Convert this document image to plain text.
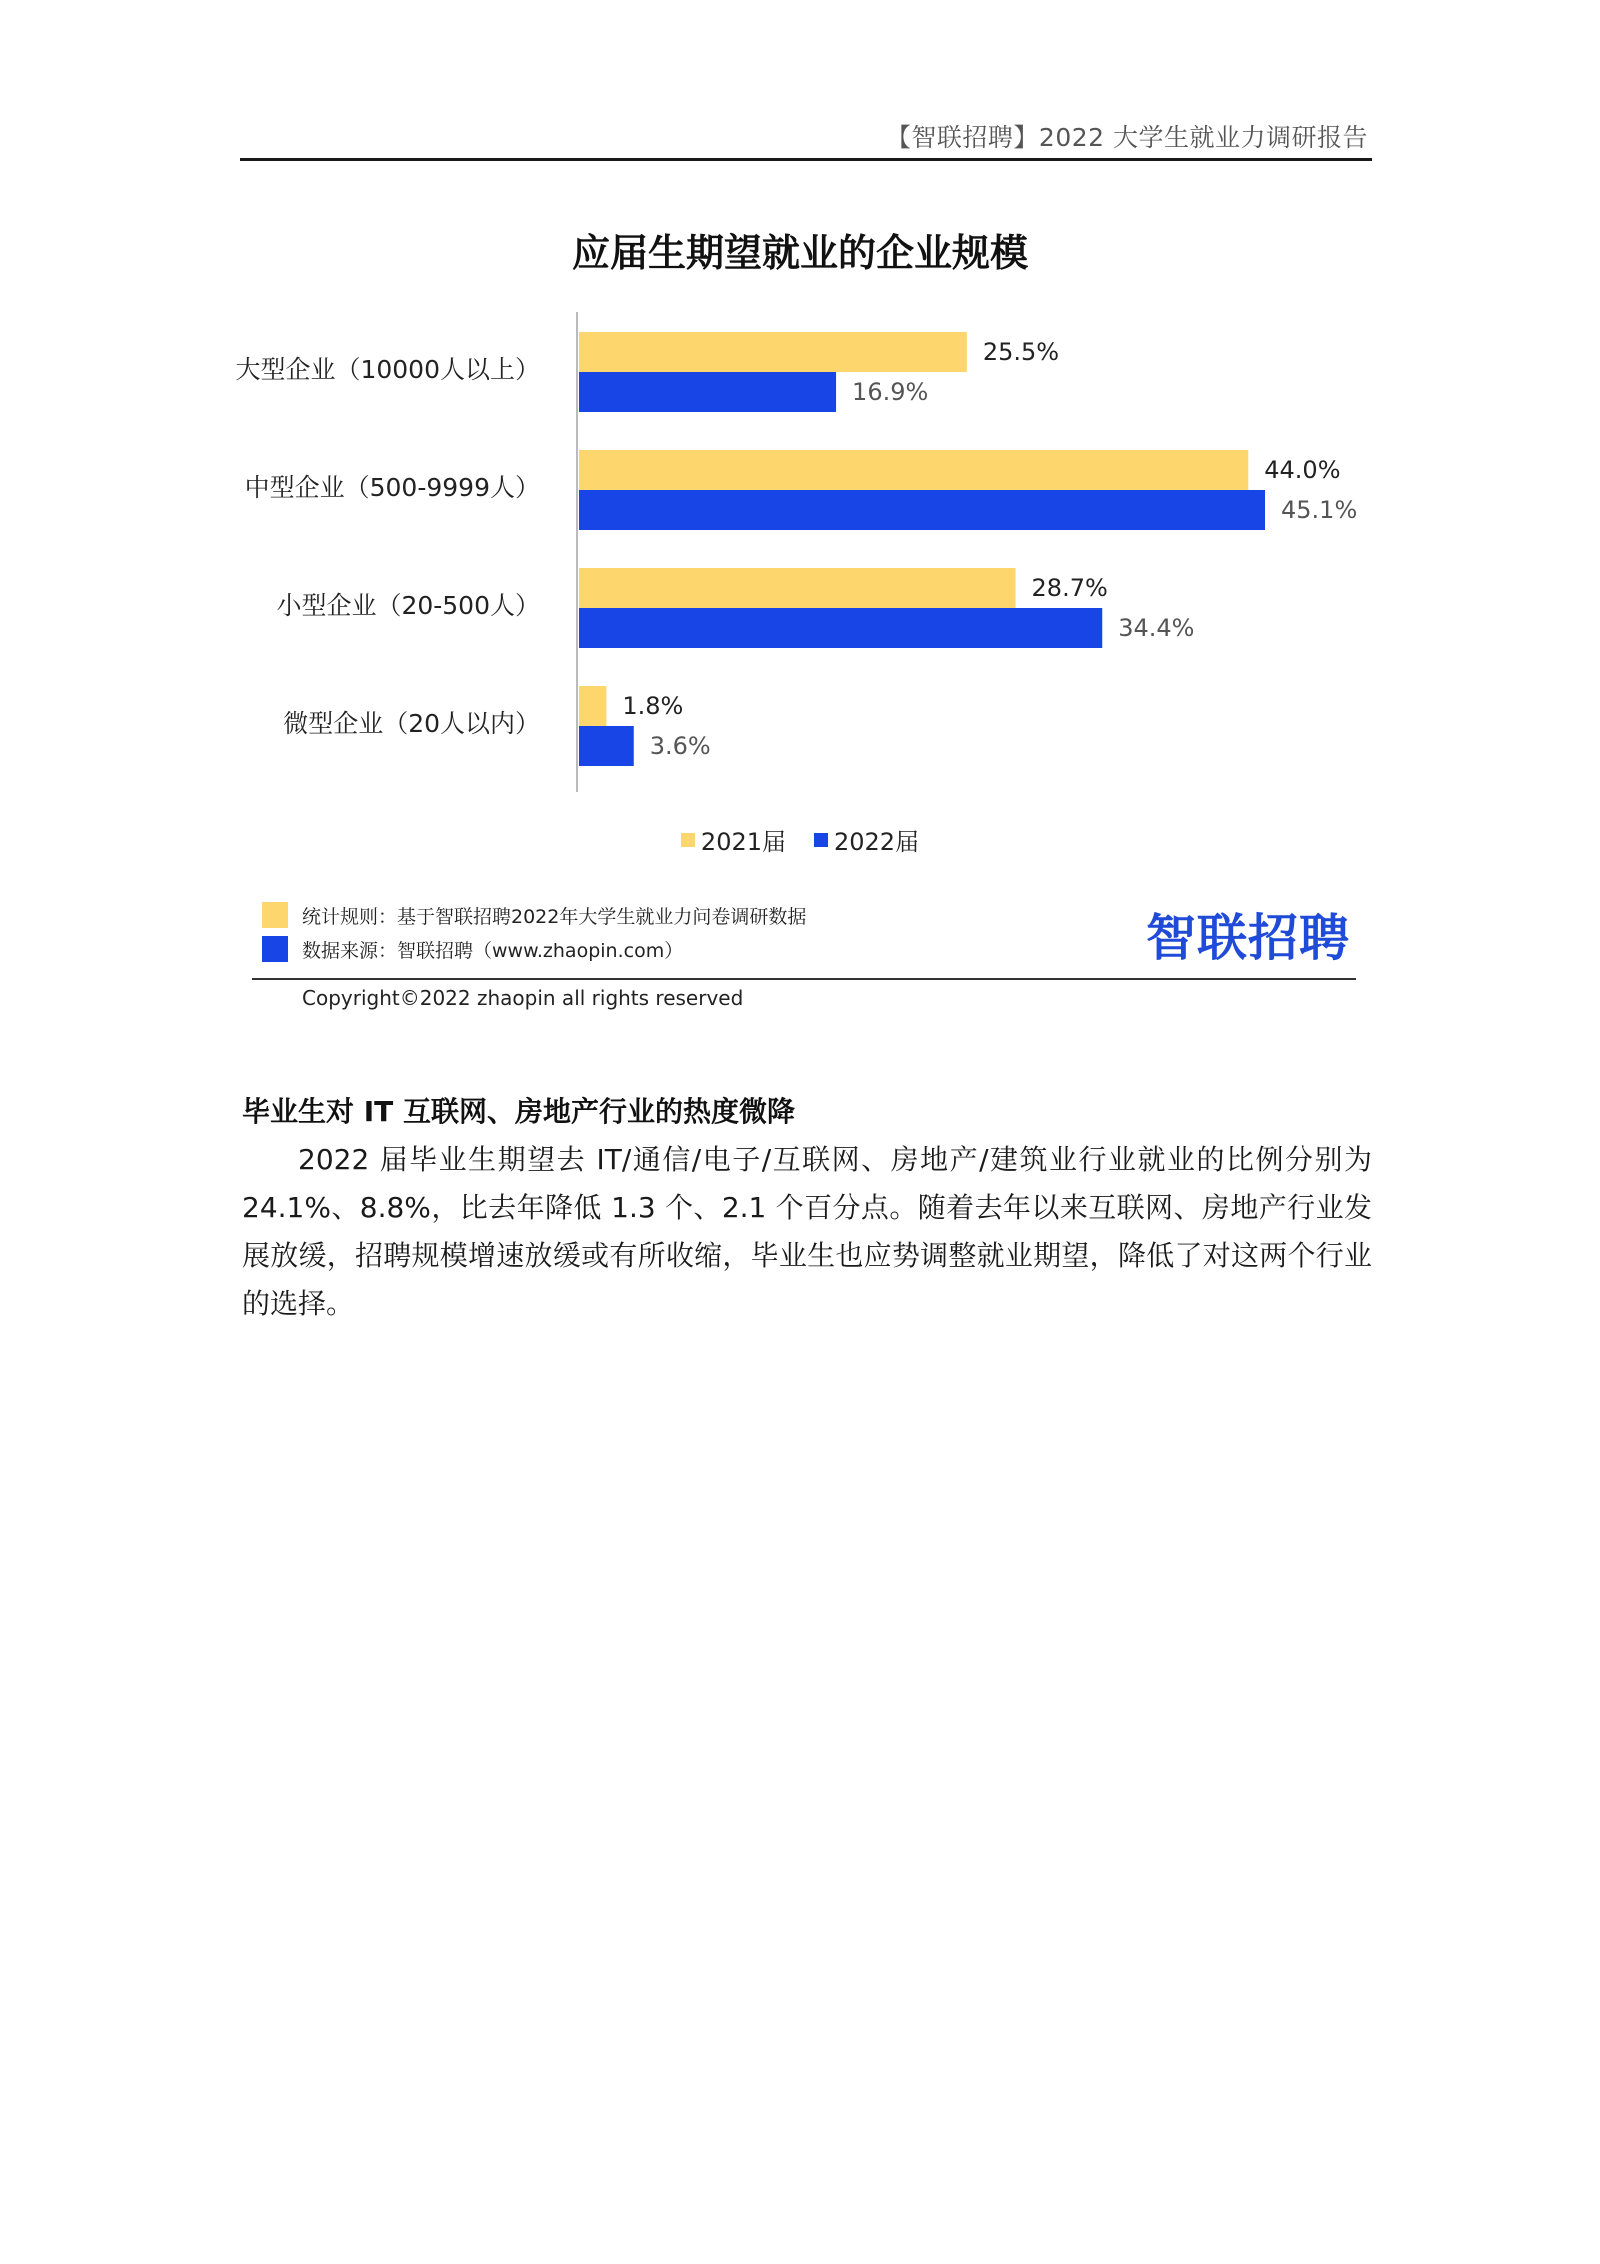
【智联招聘】2022 大学生就业力调研报告
应届生期望就业的企业规模
25.5%
16.9%
44.0%
45.1%
28.7%
34.4%
1.8%
3.6%
大型企业（10000人以上）
中型企业（500-9999人）
小型企业（20-500人）
微型企业（20人以内）
2021届 2022届
统计规则：基于智联招聘2022年大学生就业力问卷调研数据
数据来源：智联招聘（www.zhaopin.com）	智联招聘
Copyright©2022 zhaopin all rights reserved
毕业生对 IT 互联网、房地产行业的热度微降
2022 届毕业生期望去 IT/通信/电子/互联网、房地产/建筑业行业就业的比例分别为 24.1%、8.8%，比去年降低 1.3 个、2.1 个百分点。随着去年以来互联网、房地产行业发展放缓，招聘规模增速放缓或有所收缩，毕业生也应势调整就业期望，降低了对这两个行业的选择。
